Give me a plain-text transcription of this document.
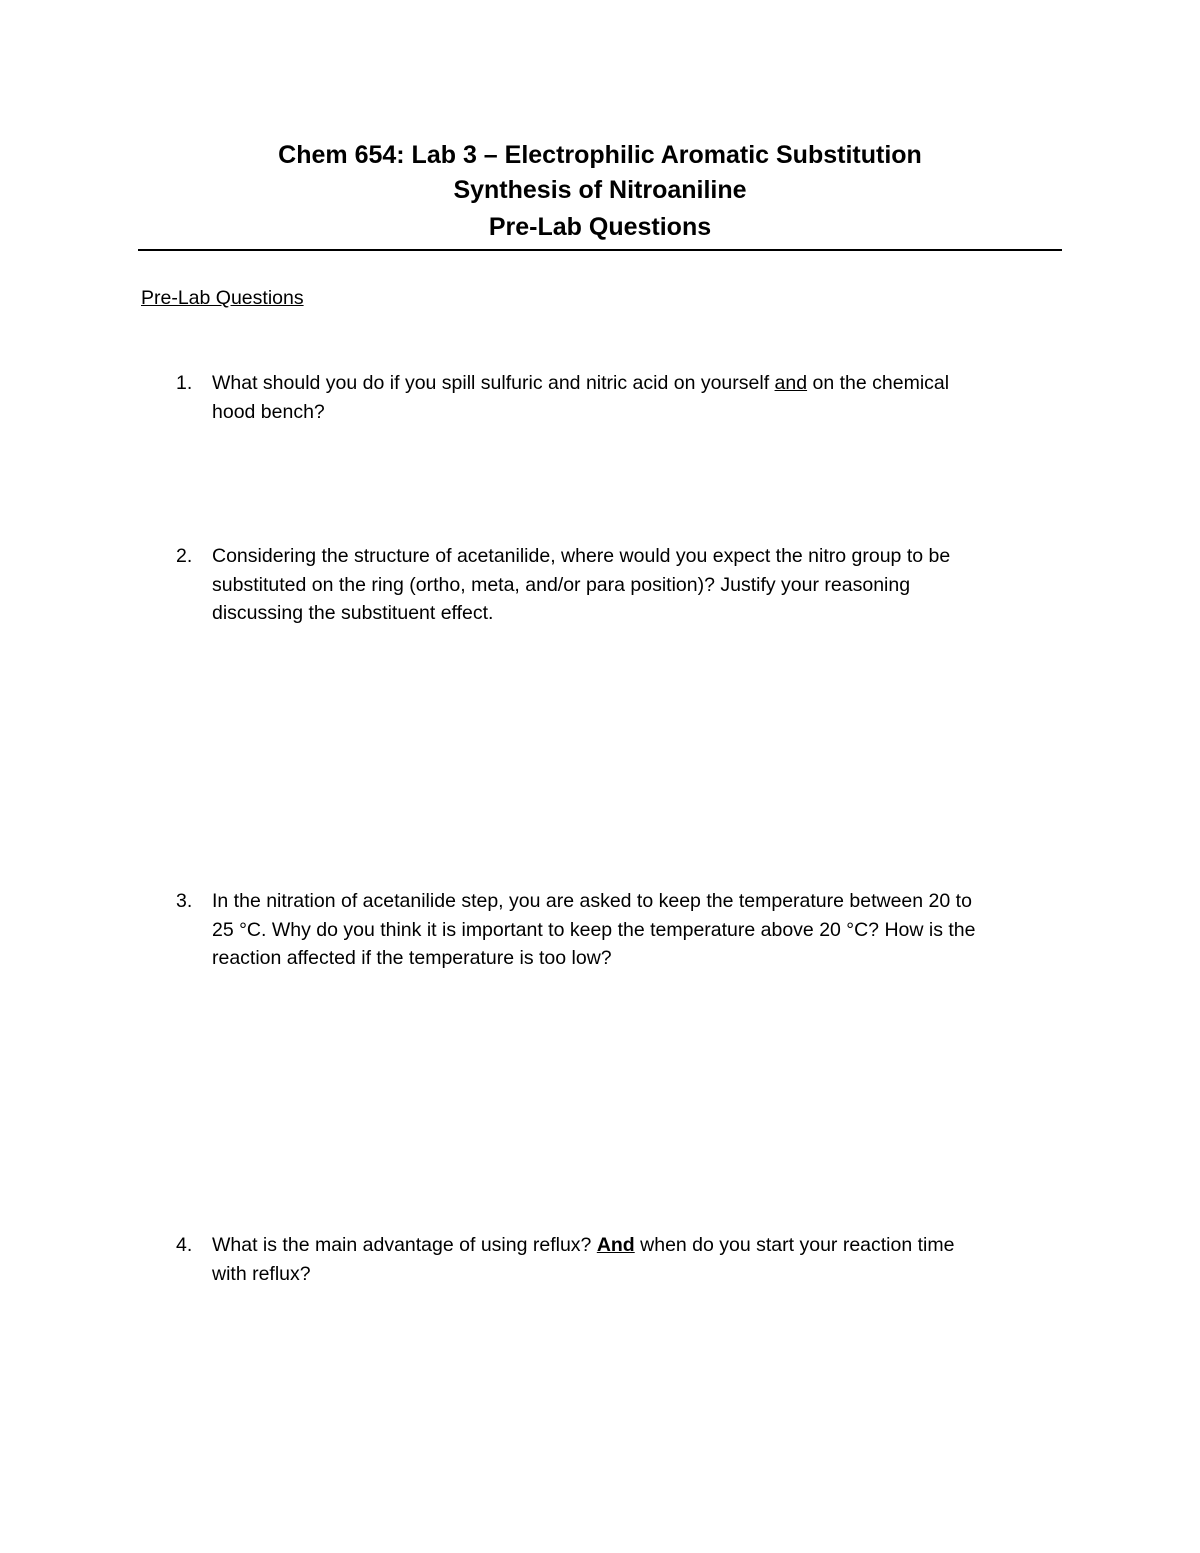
Chem 654: Lab 3 – Electrophilic Aromatic Substitution
Synthesis of Nitroaniline
Pre-Lab Questions
Pre-Lab Questions
1.	What should you do if you spill sulfuric and nitric acid on yourself and on the chemical
hood bench?
2.	Considering the structure of acetanilide, where would you expect the nitro group to be
substituted on the ring (ortho, meta, and/or para position)? Justify your reasoning
discussing the substituent effect.
3.	In the nitration of acetanilide step, you are asked to keep the temperature between 20 to
25 °C. Why do you think it is important to keep the temperature above 20 °C? How is the
reaction affected if the temperature is too low?
4.	What is the main advantage of using reflux? And when do you start your reaction time
with reflux?
